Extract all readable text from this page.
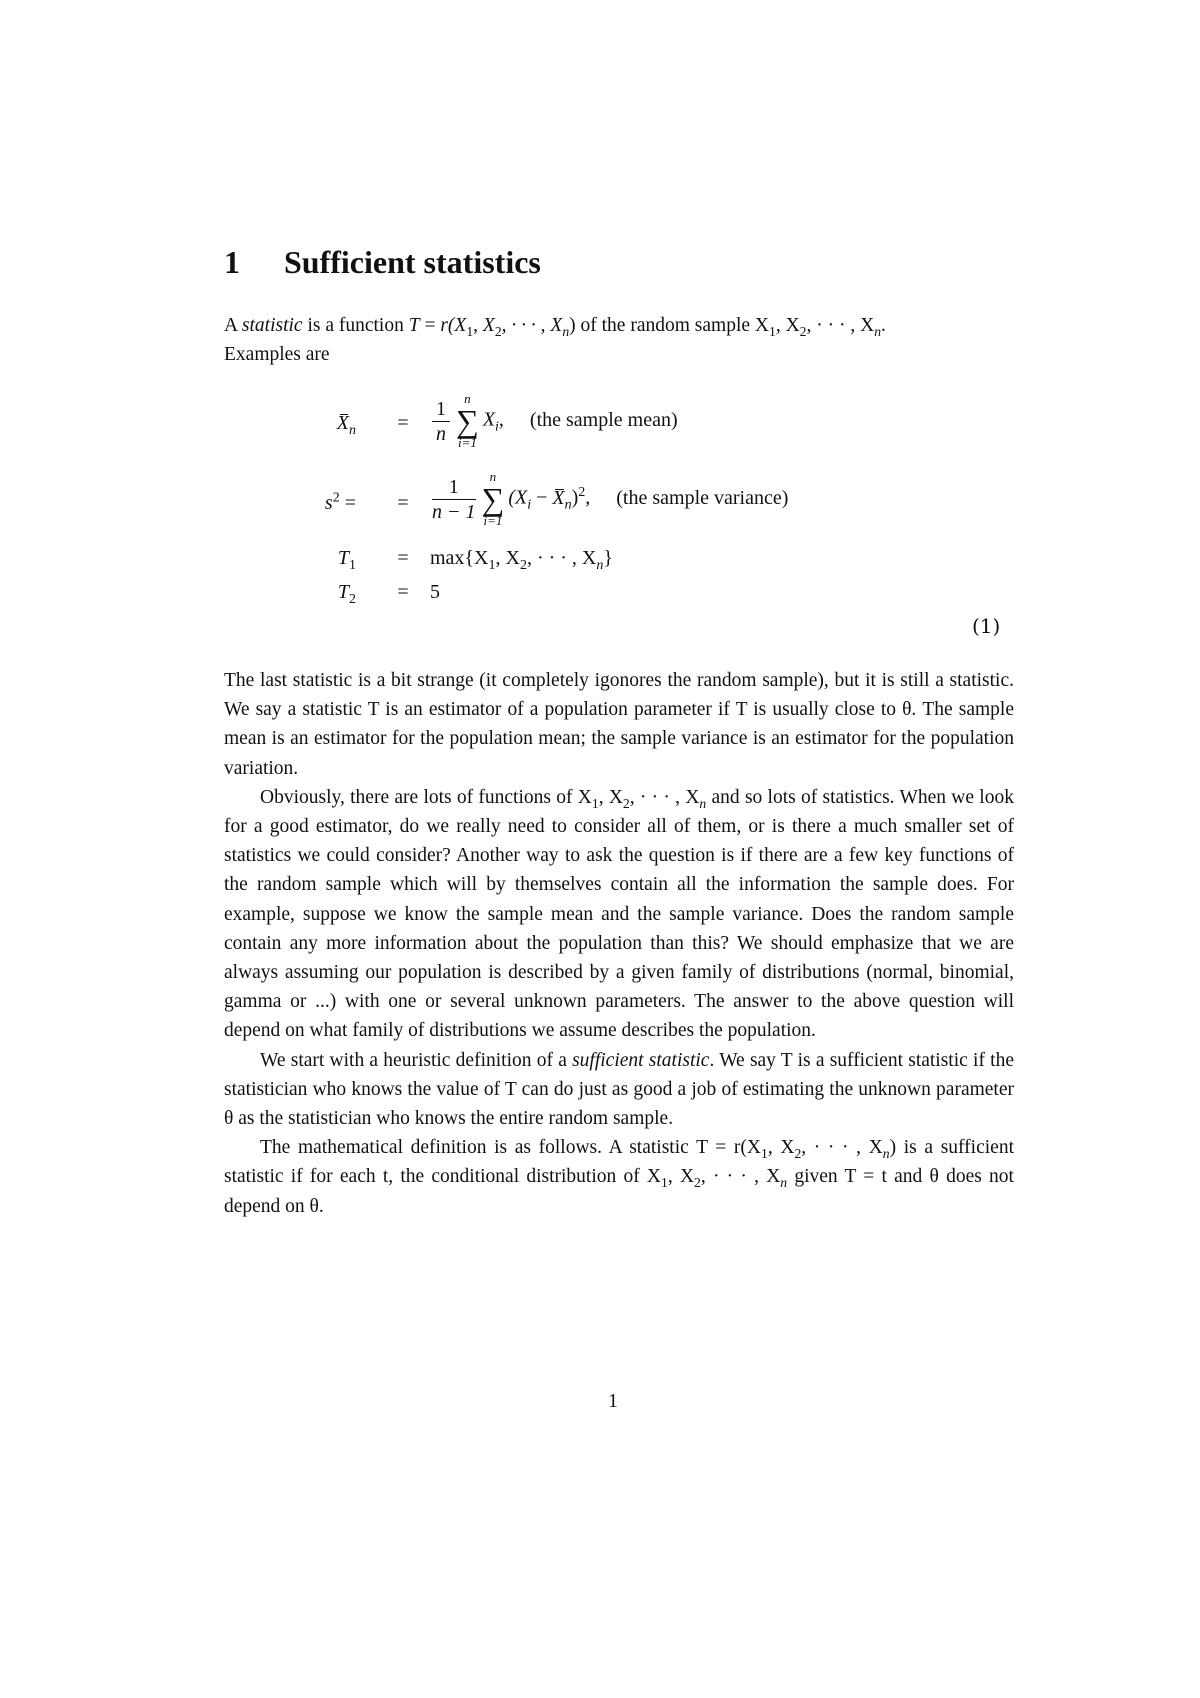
1 Sufficient statistics

A statistic is a function $T = r(X_1$, $X_2$, · · · , $X_n$) of the random sample $X_1$, $X_2$, · · · , $X_n$.

Examples are

$X_n = \frac{1}{n}$	n
∑
i=1
$X_i$, (the sample mean)
$s^2$ = = $\frac{1}{n - 1}$	n
∑
i=1
$(X_i - X_n)^2$, (the sample variance)
$T_1 = \max\{X_1$, $X_2$, · · · , $X_n$}
$T_2 = 5$
(1)

The last statistic is a bit strange (it completely igonores the random sample), but it is still a statistic. We say a statistic T is an estimator of a population parameter if T is usually close to θ. The sample mean is an estimator for the population mean; the sample variance is an estimator for the population variation.

Obviously, there are lots of functions of $X_1$, $X_2$, · · · , $X_n$ and so lots of statistics. When we look for a good estimator, do we really need to consider all of them, or is there a much smaller set of statistics we could consider? Another way to ask the question is if there are a few key functions of the random sample which will by themselves contain all the information the sample does. For example, suppose we know the sample mean and the sample variance. Does the random sample contain any more information about the population than this? We should emphasize that we are always assuming our population is described by a given family of distributions (normal, binomial, gamma or ...) with one or several unknown parameters. The answer to the above question will depend on what family of distributions we assume describes the population.

We start with a heuristic definition of a sufficient statistic. We say T is a sufficient statistic if the statistician who knows the value of T can do just as good a job of estimating the unknown parameter θ as the statistician who knows the entire random sample.

The mathematical definition is as follows. A statistic $T = r(X_1$, $X_2$, · · · , $X_n$) is a sufficient statistic if for each t, the conditional distribution of $X_1$, $X_2$, · · · , $X_n$ given T = t and θ does not depend on θ.

1
